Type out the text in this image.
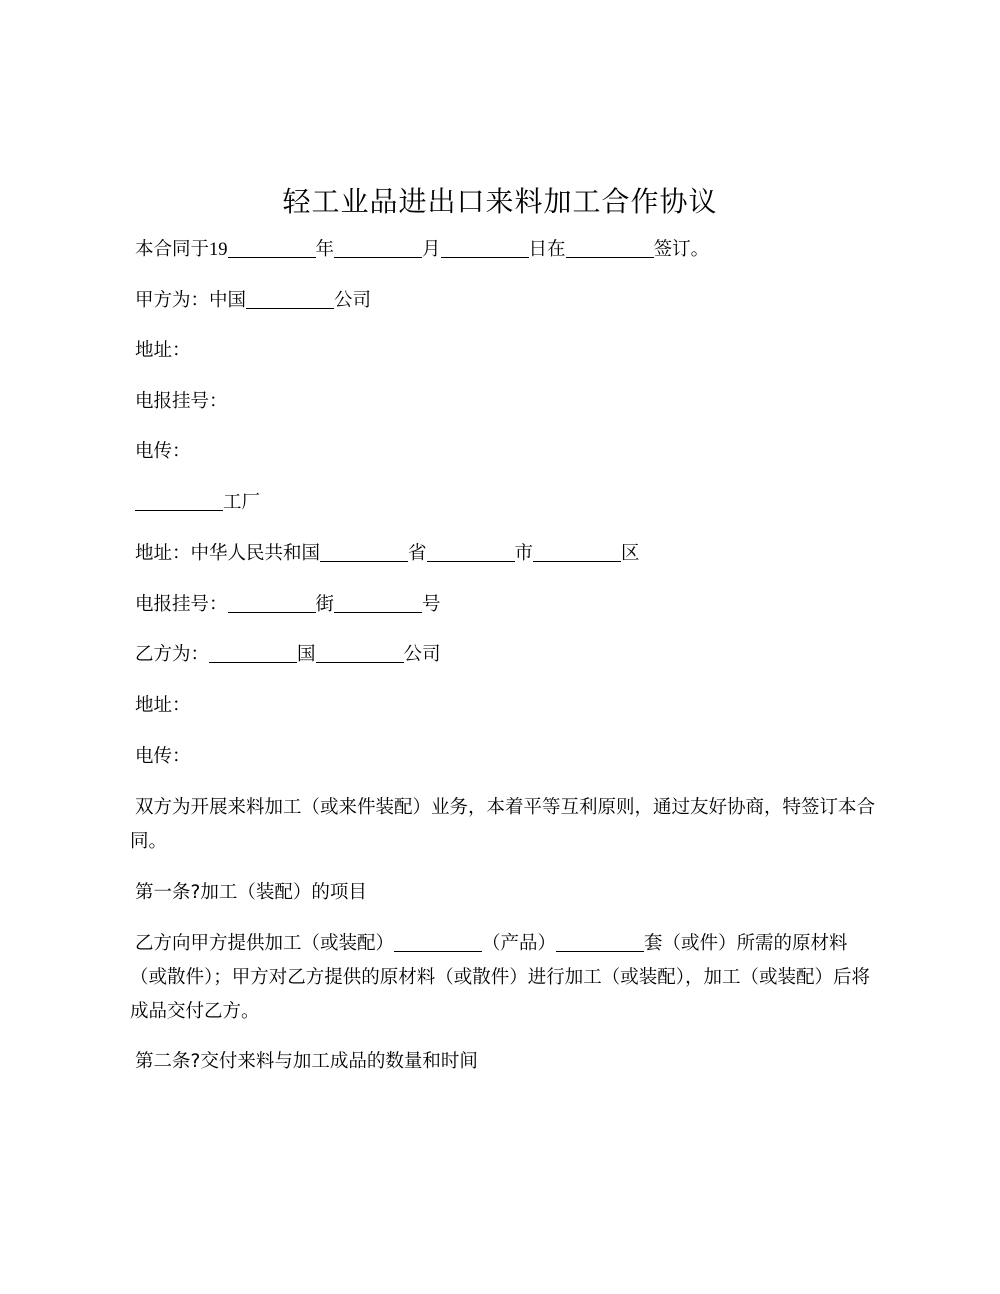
轻工业品进出口来料加工合作协议
本合同于19	年	月	日在	签订。
甲方为：中国	公司
地址：
电报挂号：
电传：
工厂
地址：中华人民共和国	省	市	区
电报挂号：	街	号
乙方为：	国	公司
地址：
电传：
双方为开展来料加工（或来件装配）业务，本着平等互利原则，通过友好协商，特签订本合同。
第一条?加工（装配）的项目
乙方向甲方提供加工（或装配）	（产品）	套（或件）所需的原材料（或散件）；甲方对乙方提供的原材料（或散件）进行加工（或装配），加工（或装配）后将成品交付乙方。
第二条?交付来料与加工成品的数量和时间
